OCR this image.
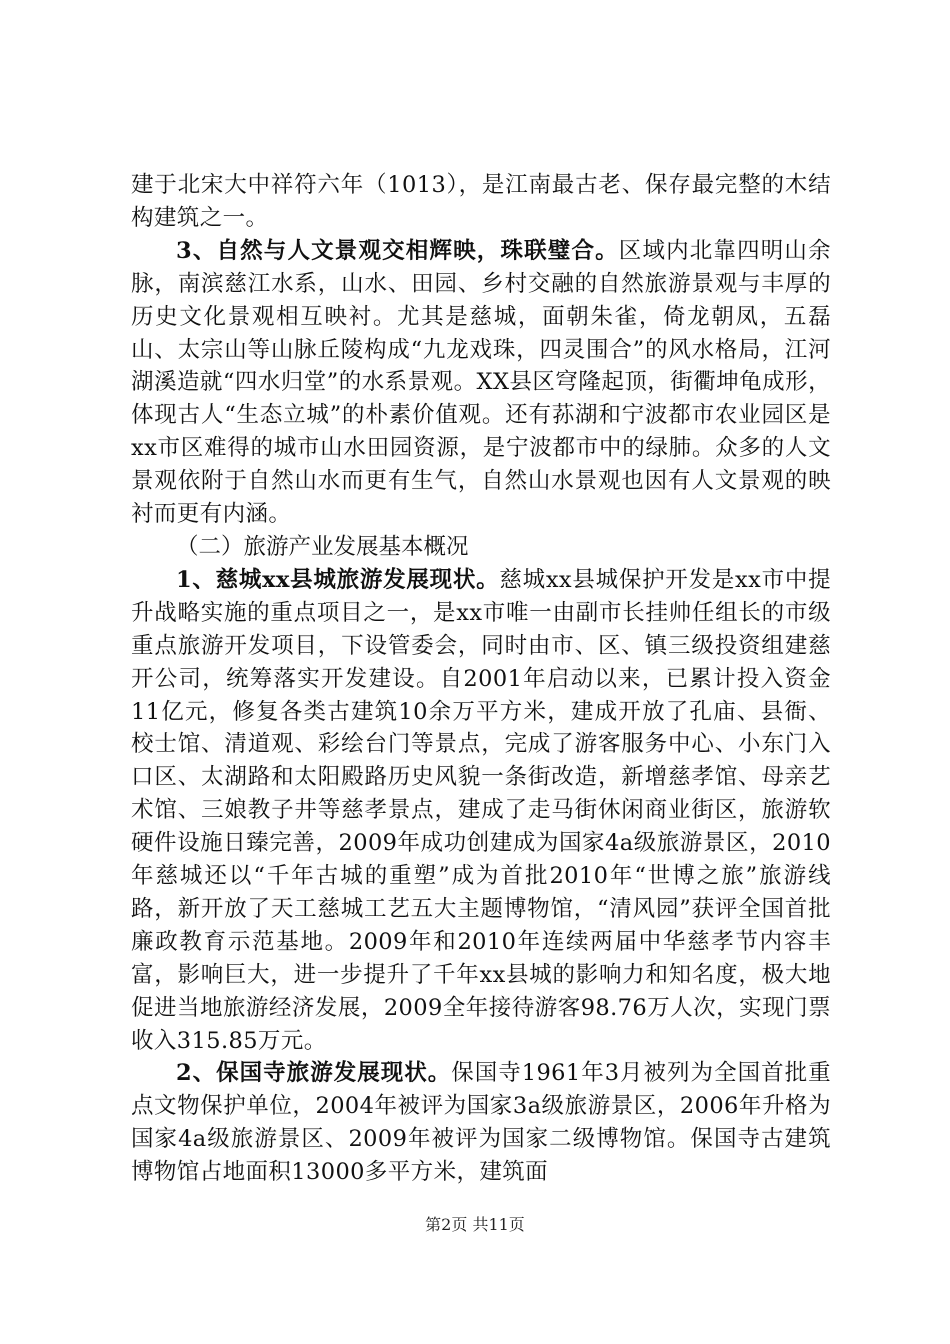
建于北宋大中祥符六年（1013），是江南最古老、保存最完整的木结构建筑之一。

3、自然与人文景观交相辉映，珠联璧合。区域内北靠四明山余脉，南滨慈江水系，山水、田园、乡村交融的自然旅游景观与丰厚的历史文化景观相互映衬。尤其是慈城，面朝朱雀，倚龙朝凤，五磊山、太宗山等山脉丘陵构成“九龙戏珠，四灵围合”的风水格局，江河湖溪造就“四水归堂”的水系景观。XX县区穹隆起顶，街衢坤龟成形，体现古人“生态立城”的朴素价值观。还有荪湖和宁波都市农业园区是xx市区难得的城市山水田园资源，是宁波都市中的绿肺。众多的人文景观依附于自然山水而更有生气，自然山水景观也因有人文景观的映衬而更有内涵。

（二）旅游产业发展基本概况

1、慈城xx县城旅游发展现状。慈城xx县城保护开发是xx市中提升战略实施的重点项目之一，是xx市唯一由副市长挂帅任组长的市级重点旅游开发项目，下设管委会，同时由市、区、镇三级投资组建慈开公司，统筹落实开发建设。自2001年启动以来，已累计投入资金11亿元，修复各类古建筑10余万平方米，建成开放了孔庙、县衙、校士馆、清道观、彩绘台门等景点，完成了游客服务中心、小东门入口区、太湖路和太阳殿路历史风貌一条街改造，新增慈孝馆、母亲艺术馆、三娘教子井等慈孝景点，建成了走马街休闲商业街区，旅游软硬件设施日臻完善，2009年成功创建成为国家4a级旅游景区，2010年慈城还以“千年古城的重塑”成为首批2010年“世博之旅”旅游线路，新开放了天工慈城工艺五大主题博物馆，“清风园”获评全国首批廉政教育示范基地。2009年和2010年连续两届中华慈孝节内容丰富，影响巨大，进一步提升了千年xx县城的影响力和知名度，极大地促进当地旅游经济发展，2009全年接待游客98.76万人次，实现门票收入315.85万元。

2、保国寺旅游发展现状。保国寺1961年3月被列为全国首批重点文物保护单位，2004年被评为国家3a级旅游景区，2006年升格为国家4a级旅游景区、2009年被评为国家二级博物馆。保国寺古建筑博物馆占地面积13000多平方米，建筑面

第2页 共11页
